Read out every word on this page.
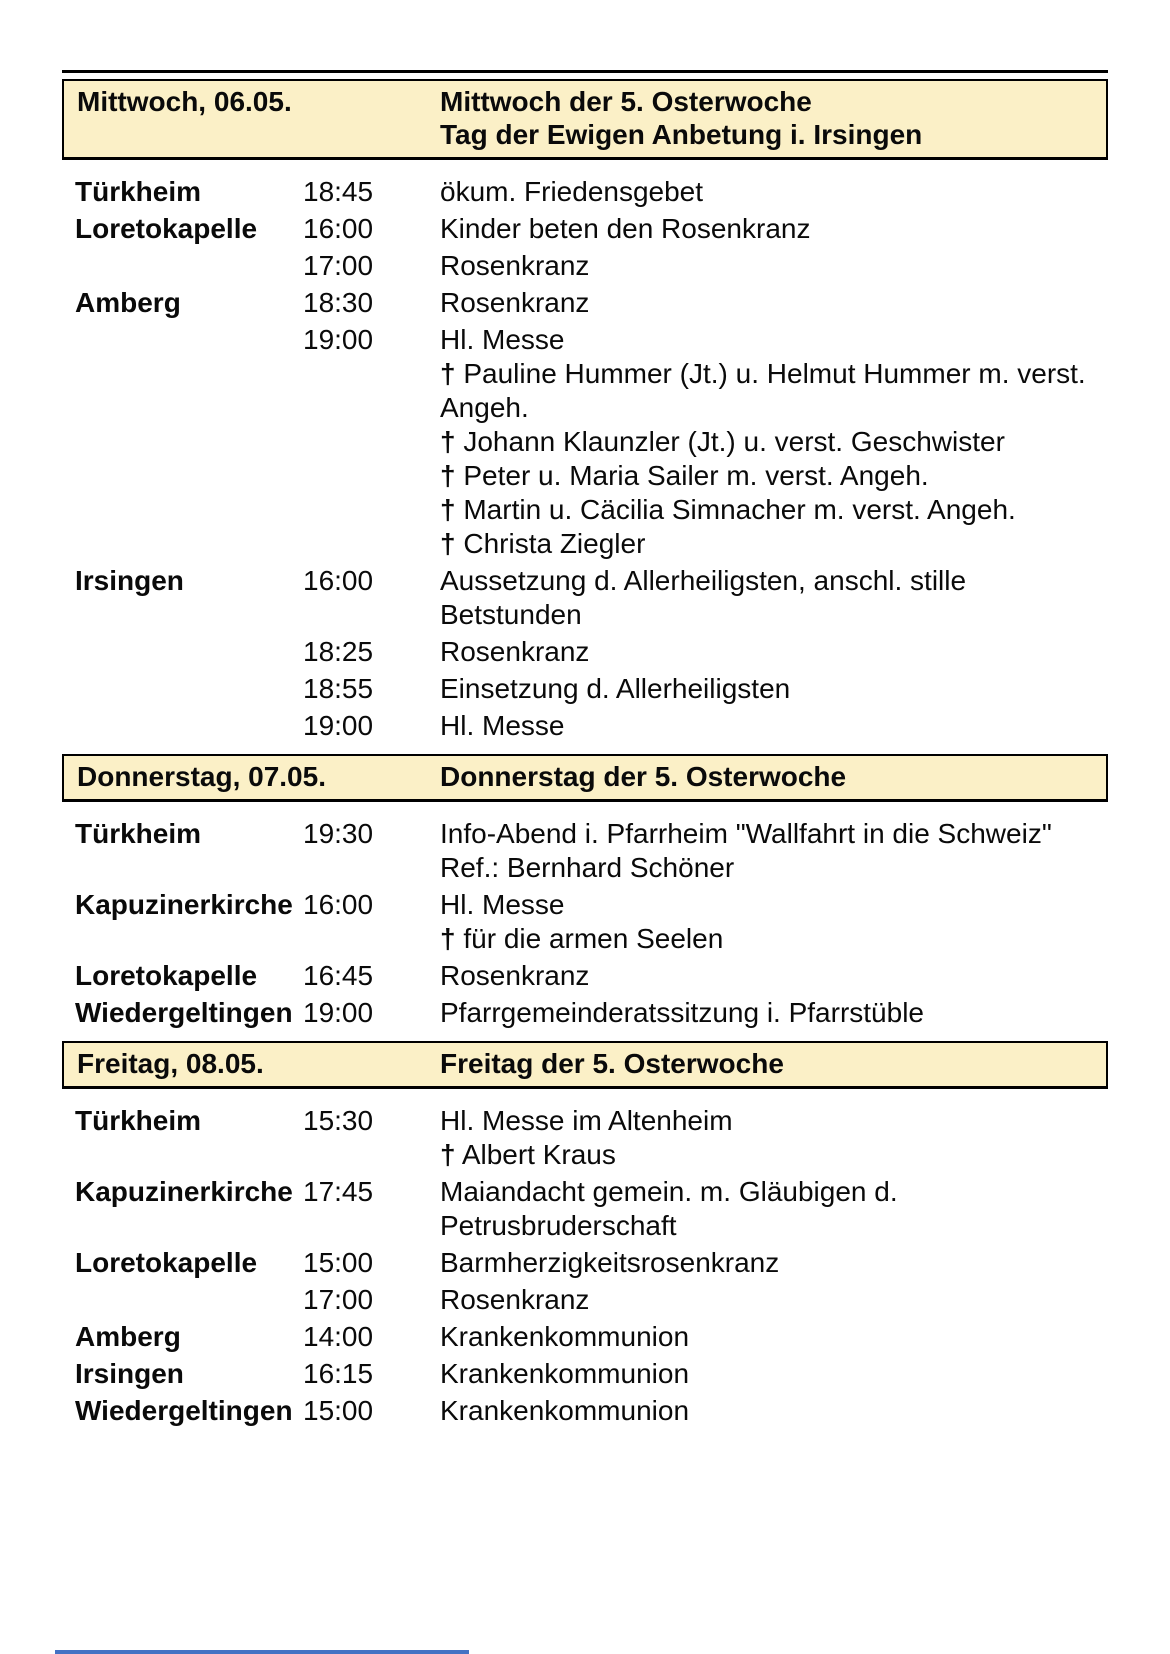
Mittwoch, 06.05.	Mittwoch der 5. Osterwoche
Tag der Ewigen Anbetung i. Irsingen
Türkheim	18:45	ökum. Friedensgebet
Loretokapelle	16:00	Kinder beten den Rosenkranz
17:00	Rosenkranz
Amberg	18:30	Rosenkranz
19:00	Hl. Messe
† Pauline Hummer (Jt.) u. Helmut Hummer m. verst.
Angeh.
† Johann Klaunzler (Jt.) u. verst. Geschwister
† Peter u. Maria Sailer m. verst. Angeh.
† Martin u. Cäcilia Simnacher m. verst. Angeh.
† Christa Ziegler
Irsingen	16:00	Aussetzung d. Allerheiligsten, anschl. stille
Betstunden
18:25	Rosenkranz
18:55	Einsetzung d. Allerheiligsten
19:00	Hl. Messe
Donnerstag, 07.05.	Donnerstag der 5. Osterwoche
Türkheim	19:30	Info-Abend i. Pfarrheim "Wallfahrt in die Schweiz"
Ref.: Bernhard Schöner
Kapuzinerkirche 16:00	Hl. Messe
† für die armen Seelen
Loretokapelle	16:45	Rosenkranz
Wiedergeltingen 19:00	Pfarrgemeinderatssitzung i. Pfarrstüble
Freitag, 08.05.	Freitag der 5. Osterwoche
Türkheim	15:30	Hl. Messe im Altenheim
† Albert Kraus
Kapuzinerkirche 17:45	Maiandacht gemein. m. Gläubigen d.
Petrusbruderschaft
Loretokapelle	15:00	Barmherzigkeitsrosenkranz
17:00	Rosenkranz
Amberg	14:00	Krankenkommunion
Irsingen	16:15	Krankenkommunion
Wiedergeltingen 15:00	Krankenkommunion
